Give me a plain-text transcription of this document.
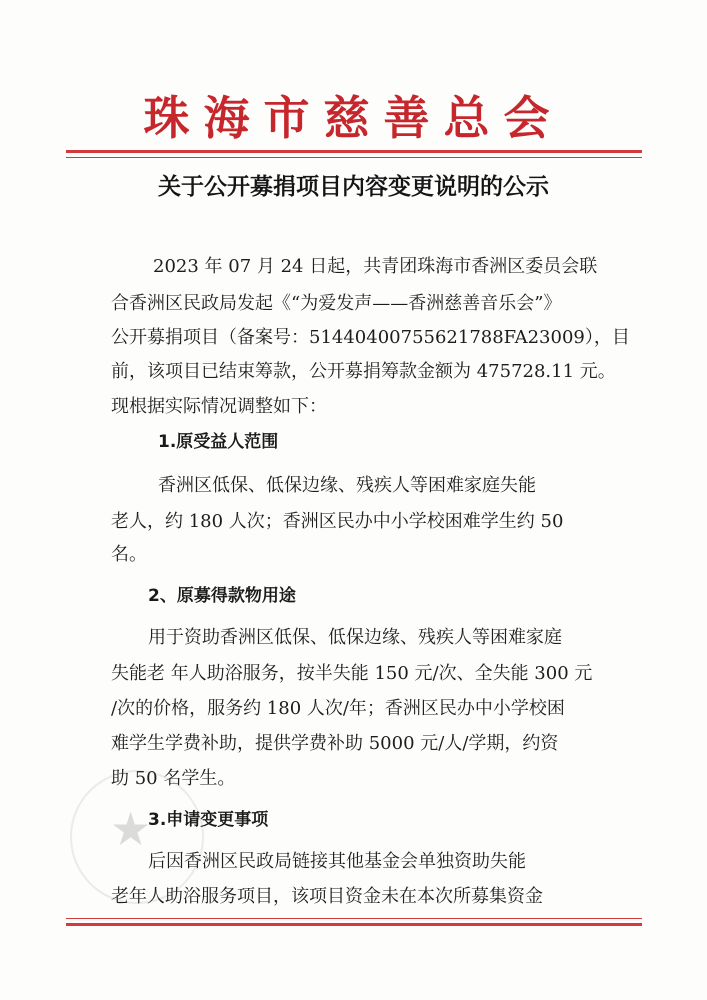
珠海市慈善总会
关于公开募捐项目内容变更说明的公示
2023 年 07 月 24 日起，共青团珠海市香洲区委员会联
合香洲区民政局发起《“为爱发声——香洲慈善音乐会”》
公开募捐项目（备案号：51440400755621788FA23009），目
前，该项目已结束筹款，公开募捐筹款金额为 475728.11 元。
现根据实际情况调整如下：
1.原受益人范围
香洲区低保、低保边缘、残疾人等困难家庭失能
老人，约 180 人次；香洲区民办中小学校困难学生约 50
名。
2、原募得款物用途
用于资助香洲区低保、低保边缘、残疾人等困难家庭
失能老 年人助浴服务，按半失能 150 元/次、全失能 300 元
/次的价格，服务约 180 人次/年；香洲区民办中小学校困
难学生学费补助，提供学费补助 5000 元/人/学期，约资
助 50 名学生。
★
3.申请变更事项
后因香洲区民政局链接其他基金会单独资助失能
老年人助浴服务项目，该项目资金未在本次所募集资金
